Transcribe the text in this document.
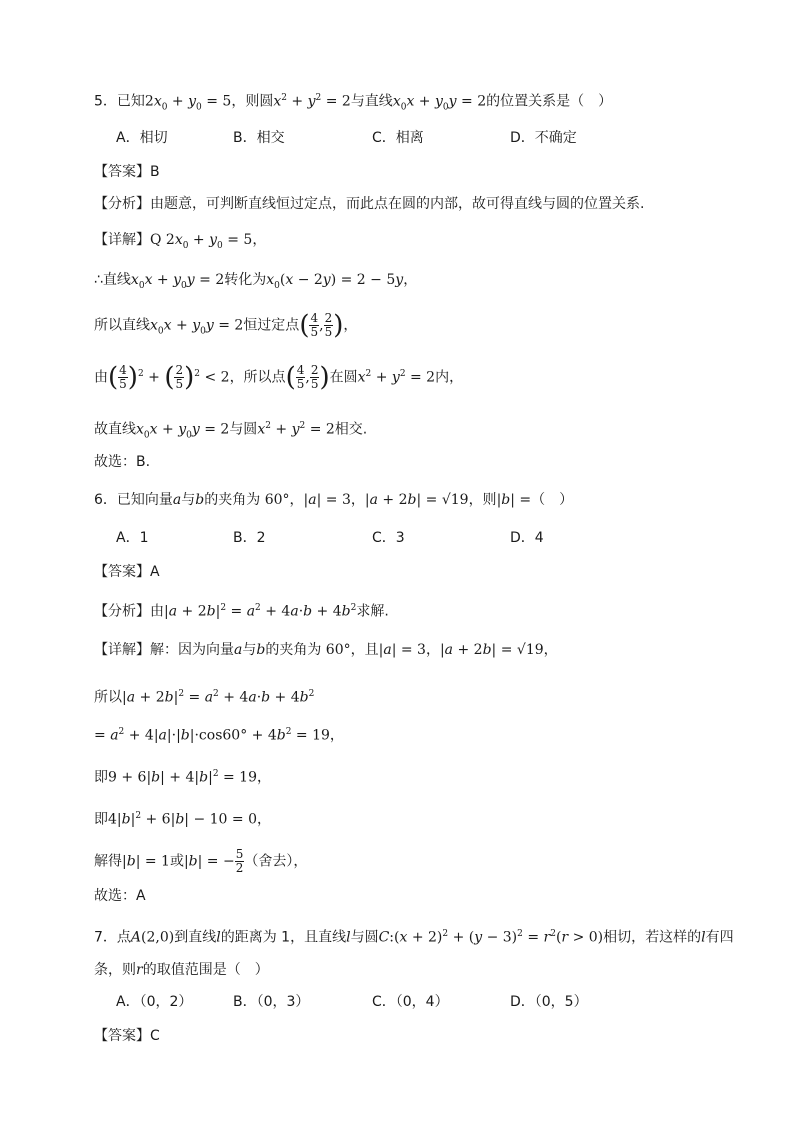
5．已知$2x_0 + y_0 = 5$，则圆$x^2 + y^2 = 2$与直线$x_0x + y_0y = 2$的位置关系是（　）
A．相切	B．相交	C．相离	D．不确定
【答案】B
【分析】由题意，可判断直线恒过定点，而此点在圆的内部，故可得直线与圆的位置关系.
【详解】Q $2x_0 + y_0 = 5$，
∴直线$x_0x + y_0y = 2$转化为$x_0(x - 2y) = 2 - 5y$，
所以直线$x_0x + y_0y = 2$恒过定点( $\frac{4}{5}$ , $\frac{2}{5}$ )，
由( $\frac{4}{5} )^2$ + ( $\frac{2}{5} )^2 < 2$，所以点( $\frac{4}{5}$ , $\frac{2}{5}$ )在圆$x^2 + y^2 = 2$内，
故直线$x_0x + y_0y = 2$与圆$x^2 + y^2 = 2$相交.
故选：B.
6．已知向量a与b的夹角为 60°，|a| = 3，|a + 2b| = √19，则|b| =（　）
A．1	B．2	C．3	D．4
【答案】A
【分析】由$|a + 2b|^2 = a^2 + 4a\cdot b + 4b^2$求解.
【详解】解：因为向量a与b的夹角为 60°，且|a| = 3，|a + 2b| = √19，
所以$|a + 2b|^2 = a^2 + 4a\cdot b + 4b^2$
= $a^2 + 4|a|\cdot|b|\cdot\cos 60^\circ + 4b^2 = 19$，
即$9 + 6|b| + 4|b|^2 = 19$，
即$4|b|^2 + 6|b| - 10 = 0$，
解得|b| = 1或|b| = − $\frac{5}{2}$ （舍去），
故选：A
7．点A(2,0)到直线l的距离为 1，且直线l与圆C:(x + $2)^2 + (y - 3)^2 = r^2(r > 0)$相切，若这样的l有四
条，则r的取值范围是（　）
A．（0，2）	B．（0，3）	C．（0，4）	D．（0，5）
【答案】C
